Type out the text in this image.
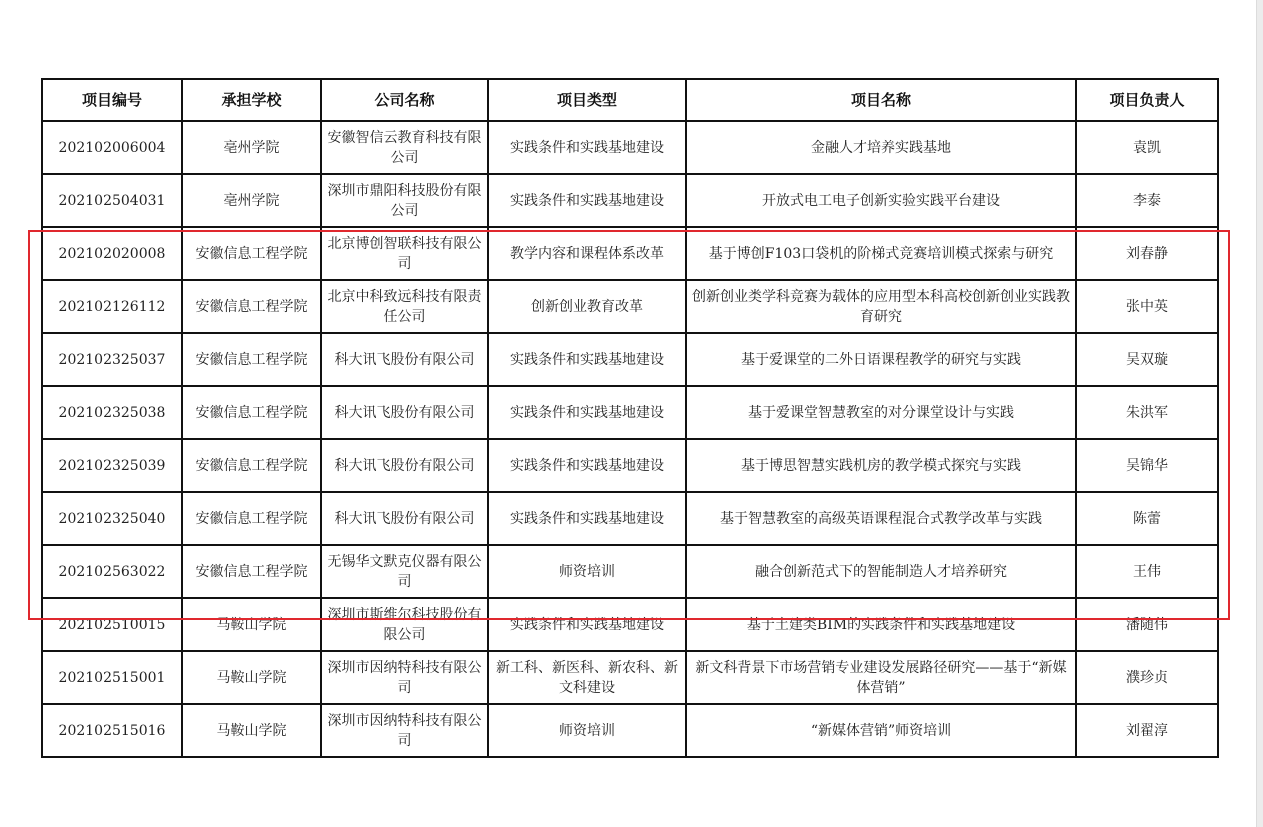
项目编号	承担学校	公司名称	项目类型	项目名称	项目负责人
202102006004	亳州学院	安徽智信云教育科技有限公司	实践条件和实践基地建设	金融人才培养实践基地	袁凯
202102504031	亳州学院	深圳市鼎阳科技股份有限公司	实践条件和实践基地建设	开放式电工电子创新实验实践平台建设	李泰
202102020008	安徽信息工程学院	北京博创智联科技有限公司	教学内容和课程体系改革	基于博创F103口袋机的阶梯式竞赛培训模式探索与研究	刘春静
202102126112	安徽信息工程学院	北京中科致远科技有限责任公司	创新创业教育改革	创新创业类学科竞赛为载体的应用型本科高校创新创业实践教育研究	张中英
202102325037	安徽信息工程学院	科大讯飞股份有限公司	实践条件和实践基地建设	基于爱课堂的二外日语课程教学的研究与实践	吴双璇
202102325038	安徽信息工程学院	科大讯飞股份有限公司	实践条件和实践基地建设	基于爱课堂智慧教室的对分课堂设计与实践	朱洪军
202102325039	安徽信息工程学院	科大讯飞股份有限公司	实践条件和实践基地建设	基于博思智慧实践机房的教学模式探究与实践	吴锦华
202102325040	安徽信息工程学院	科大讯飞股份有限公司	实践条件和实践基地建设	基于智慧教室的高级英语课程混合式教学改革与实践	陈蕾
202102563022	安徽信息工程学院	无锡华文默克仪器有限公司	师资培训	融合创新范式下的智能制造人才培养研究	王伟
202102510015	马鞍山学院	深圳市斯维尔科技股份有限公司	实践条件和实践基地建设	基于土建类BIM的实践条件和实践基地建设	潘随伟
202102515001	马鞍山学院	深圳市因纳特科技有限公司	新工科、新医科、新农科、新文科建设	新文科背景下市场营销专业建设发展路径研究——基于“新媒体营销”	濮珍贞
202102515016	马鞍山学院	深圳市因纳特科技有限公司	师资培训	“新媒体营销”师资培训	刘翟淳
